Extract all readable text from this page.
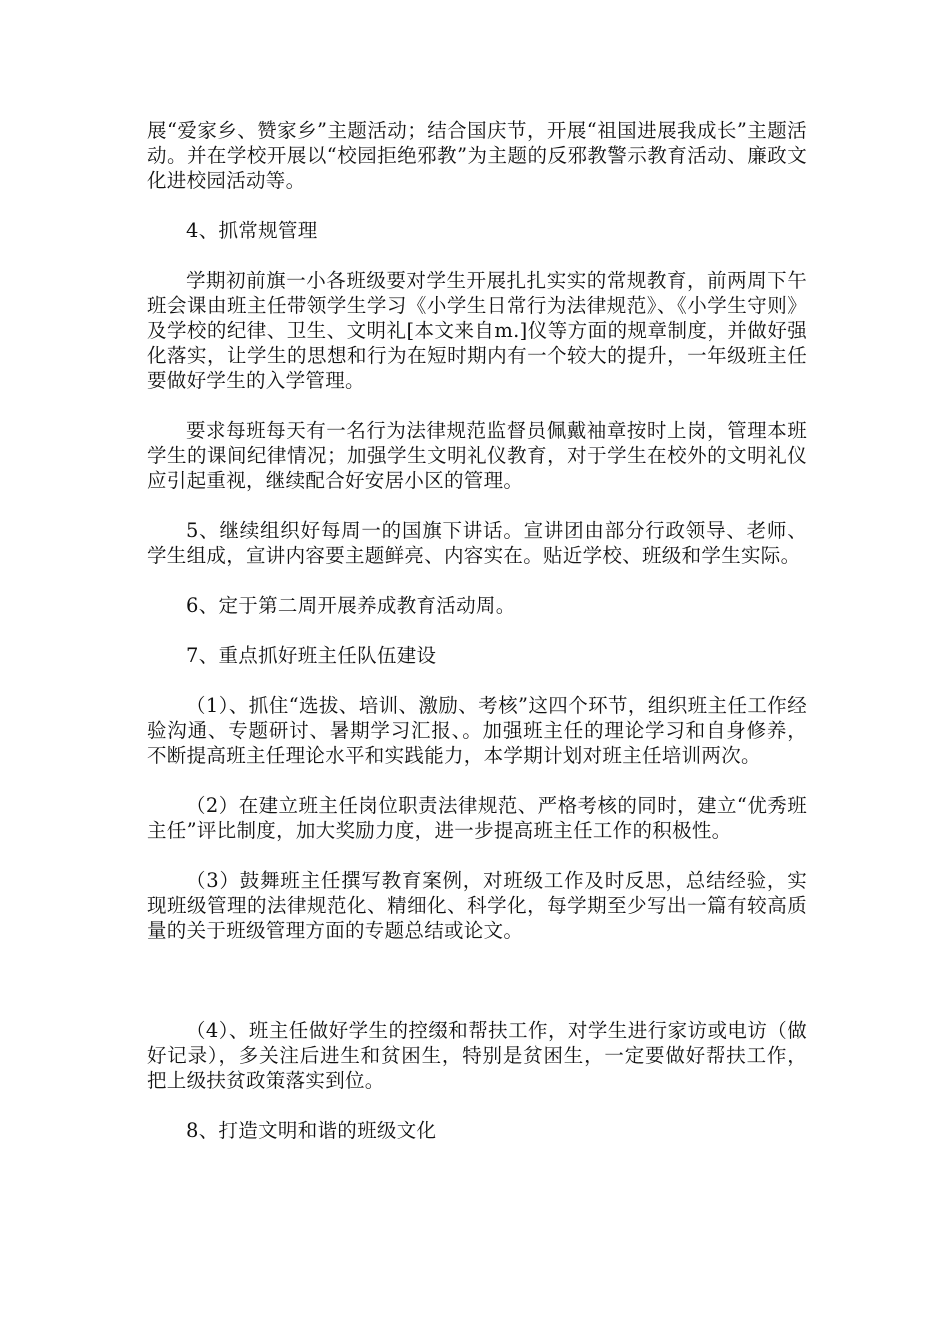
展“爱家乡、赞家乡”主题活动；结合国庆节，开展“祖国进展我成长”主题活动。并在学校开展以“校园拒绝邪教”为主题的反邪教警示教育活动、廉政文化进校园活动等。

4、抓常规管理

学期初前旗一小各班级要对学生开展扎扎实实的常规教育，前两周下午班会课由班主任带领学生学习《小学生日常行为法律规范》、《小学生守则》及学校的纪律、卫生、文明礼[本文来自m.]仪等方面的规章制度，并做好强化落实，让学生的思想和行为在短时期内有一个较大的提升，一年级班主任要做好学生的入学管理。

要求每班每天有一名行为法律规范监督员佩戴袖章按时上岗，管理本班学生的课间纪律情况；加强学生文明礼仪教育，对于学生在校外的文明礼仪应引起重视，继续配合好安居小区的管理。

5、继续组织好每周一的国旗下讲话。宣讲团由部分行政领导、老师、学生组成，宣讲内容要主题鲜亮、内容实在。贴近学校、班级和学生实际。

6、定于第二周开展养成教育活动周。

7、重点抓好班主任队伍建设

（1）、抓住“选拔、培训、激励、考核”这四个环节，组织班主任工作经验沟通、专题研讨、暑期学习汇报、。加强班主任的理论学习和自身修养，不断提高班主任理论水平和实践能力，本学期计划对班主任培训两次。

（2）在建立班主任岗位职责法律规范、严格考核的同时，建立“优秀班主任”评比制度，加大奖励力度，进一步提高班主任工作的积极性。

（3）鼓舞班主任撰写教育案例，对班级工作及时反思，总结经验，实现班级管理的法律规范化、精细化、科学化，每学期至少写出一篇有较高质量的关于班级管理方面的专题总结或论文。

（4）、班主任做好学生的控缀和帮扶工作，对学生进行家访或电访（做好记录），多关注后进生和贫困生，特别是贫困生，一定要做好帮扶工作，把上级扶贫政策落实到位。

8、打造文明和谐的班级文化
